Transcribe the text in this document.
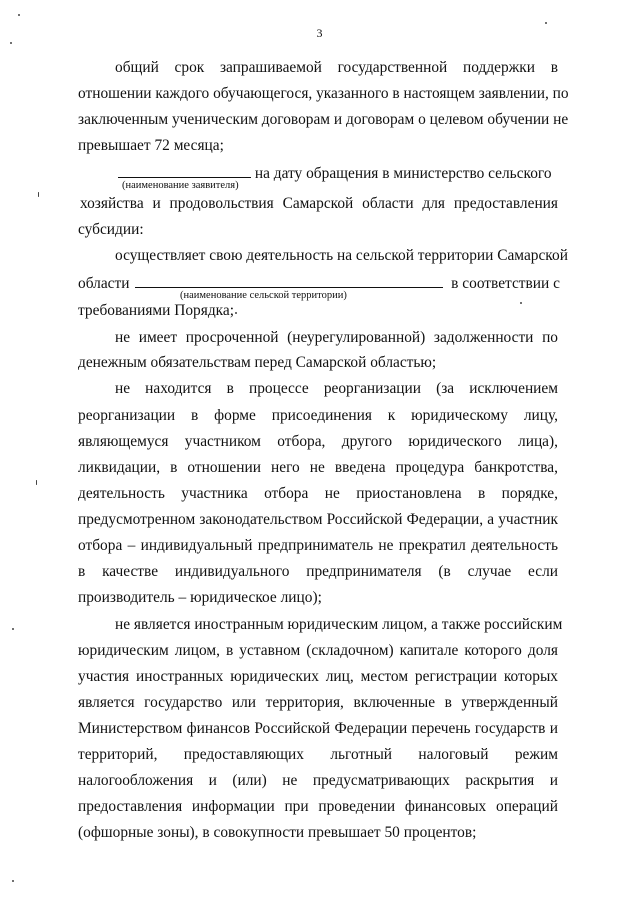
3
общий срок запрашиваемой государственной поддержки в
отношении каждого обучающегося, указанного в настоящем заявлении, по
заключенным ученическим договорам и договорам о целевом обучении не
превышает 72 месяца;
на дату обращения в министерство сельского
(наименование заявителя)
хозяйства и продовольствия Самарской области для предоставления
субсидии:
осуществляет свою деятельность на сельской территории Самарской
области	в соответствии с
(наименование сельской территории)
требованиями Порядка;
не имеет просроченной (неурегулированной) задолженности по
денежным обязательствам перед Самарской областью;
не находится в процессе реорганизации (за исключением
реорганизации в форме присоединения к юридическому лицу,
являющемуся участником отбора, другого юридического лица),
ликвидации, в отношении него не введена процедура банкротства,
деятельность участника отбора не приостановлена в порядке,
предусмотренном законодательством Российской Федерации, а участник
отбора – индивидуальный предприниматель не прекратил деятельность
в качестве индивидуального предпринимателя (в случае если
производитель – юридическое лицо);
не является иностранным юридическим лицом, а также российским
юридическим лицом, в уставном (складочном) капитале которого доля
участия иностранных юридических лиц, местом регистрации которых
является государство или территория, включенные в утвержденный
Министерством финансов Российской Федерации перечень государств и
территорий, предоставляющих льготный налоговый режим
налогообложения и (или) не предусматривающих раскрытия и
предоставления информации при проведении финансовых операций
(офшорные зоны), в совокупности превышает 50 процентов;
